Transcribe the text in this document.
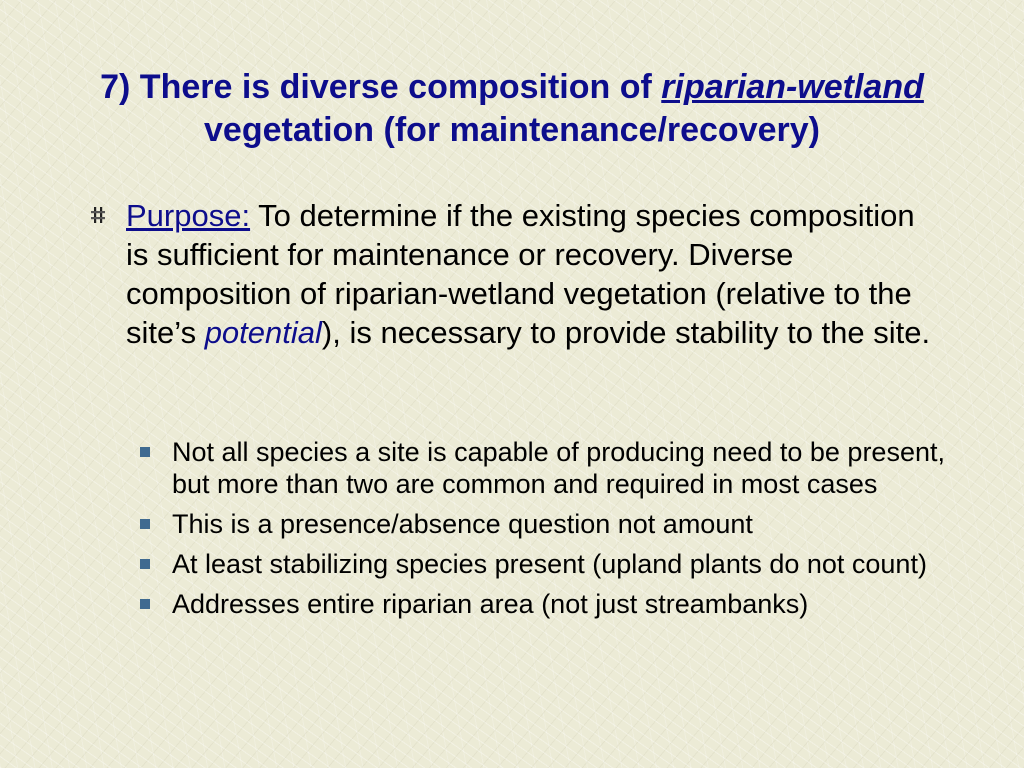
7) There is diverse composition of riparian-wetland
vegetation (for maintenance/recovery)
Purpose: To determine if the existing species composition is sufficient for maintenance or recovery. Diverse composition of riparian-wetland vegetation (relative to the site’s potential), is necessary to provide stability to the site.
Not all species a site is capable of producing need to be present, but more than two are common and required in most cases
This is a presence/absence question not amount
At least stabilizing species present (upland plants do not count)
Addresses entire riparian area (not just streambanks)
